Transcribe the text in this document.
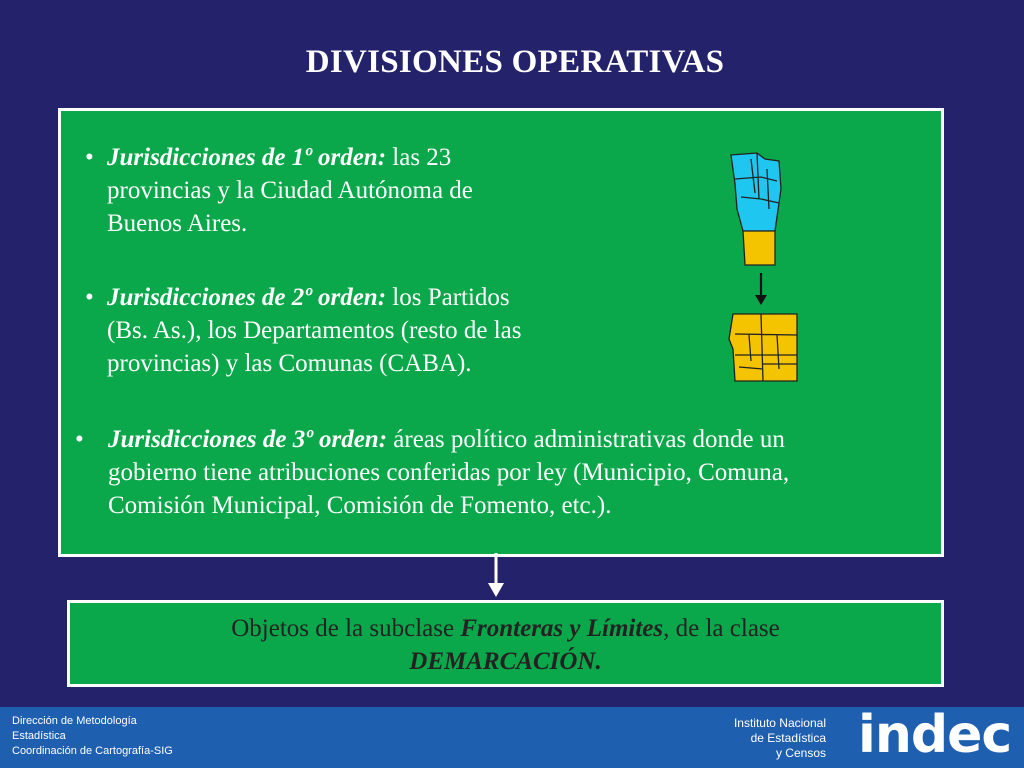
DIVISIONES OPERATIVAS
• Jurisdicciones de 1º orden: las 23
provincias y la Ciudad Autónoma de
Buenos Aires.
• Jurisdicciones de 2º orden: los Partidos
(Bs. As.), los Departamentos (resto de las
provincias) y las Comunas (CABA).
• Jurisdicciones de 3º orden: áreas político administrativas donde un
gobierno tiene atribuciones conferidas por ley (Municipio, Comuna,
Comisión Municipal, Comisión de Fomento, etc.).
Objetos de la subclase Fronteras y Límites, de la clase
DEMARCACIÓN.
Dirección de Metodología
Estadística
Coordinación de Cartografía-SIG
Instituto Nacional
de Estadística
y Censos indec
